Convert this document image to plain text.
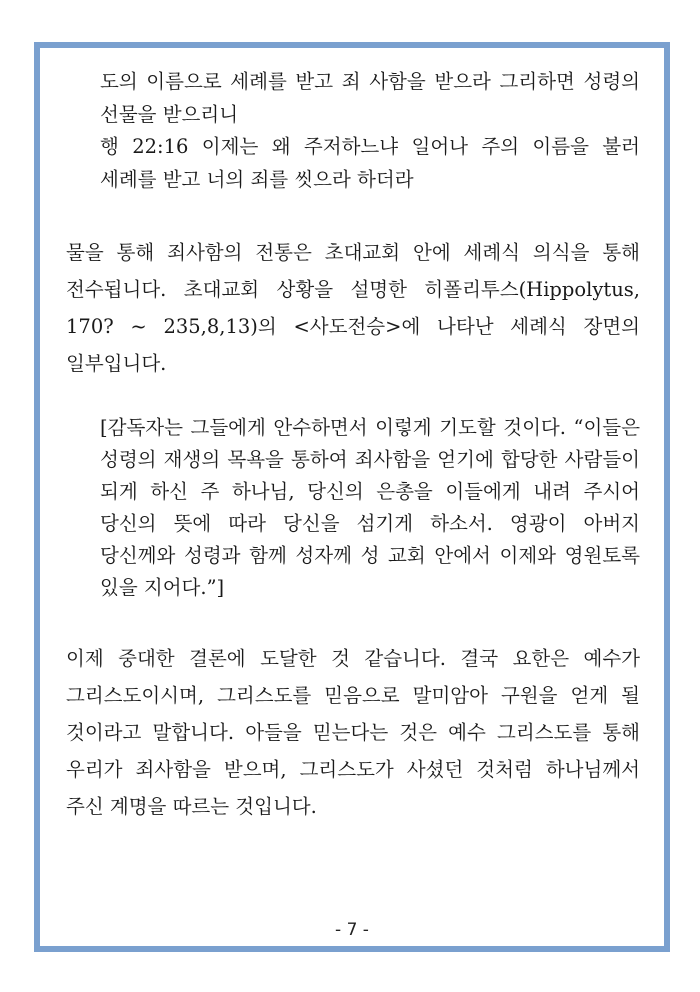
도의 이름으로 세례를 받고 죄 사함을 받으라 그리하면 성령의 선물을 받으리니

행 22:16 이제는 왜 주저하느냐 일어나 주의 이름을 불러 세례를 받고 너의 죄를 씻으라 하더라

물을 통해 죄사함의 전통은 초대교회 안에 세례식 의식을 통해 전수됩니다. 초대교회 상황을 설명한 히폴리투스(Hippolytus, 170? ~ 235,8,13)의 <사도전승>에 나타난 세례식 장면의 일부입니다.

[감독자는 그들에게 안수하면서 이렇게 기도할 것이다. “이들은 성령의 재생의 목욕을 통하여 죄사함을 얻기에 합당한 사람들이 되게 하신 주 하나님, 당신의 은총을 이들에게 내려 주시어 당신의 뜻에 따라 당신을 섬기게 하소서. 영광이 아버지 당신께와 성령과 함께 성자께 성 교회 안에서 이제와 영원토록 있을 지어다.”]

이제 중대한 결론에 도달한 것 같습니다. 결국 요한은 예수가 그리스도이시며, 그리스도를 믿음으로 말미암아 구원을 얻게 될 것이라고 말합니다. 아들을 믿는다는 것은 예수 그리스도를 통해 우리가 죄사함을 받으며, 그리스도가 사셨던 것처럼 하나님께서 주신 계명을 따르는 것입니다.

- 7 -
